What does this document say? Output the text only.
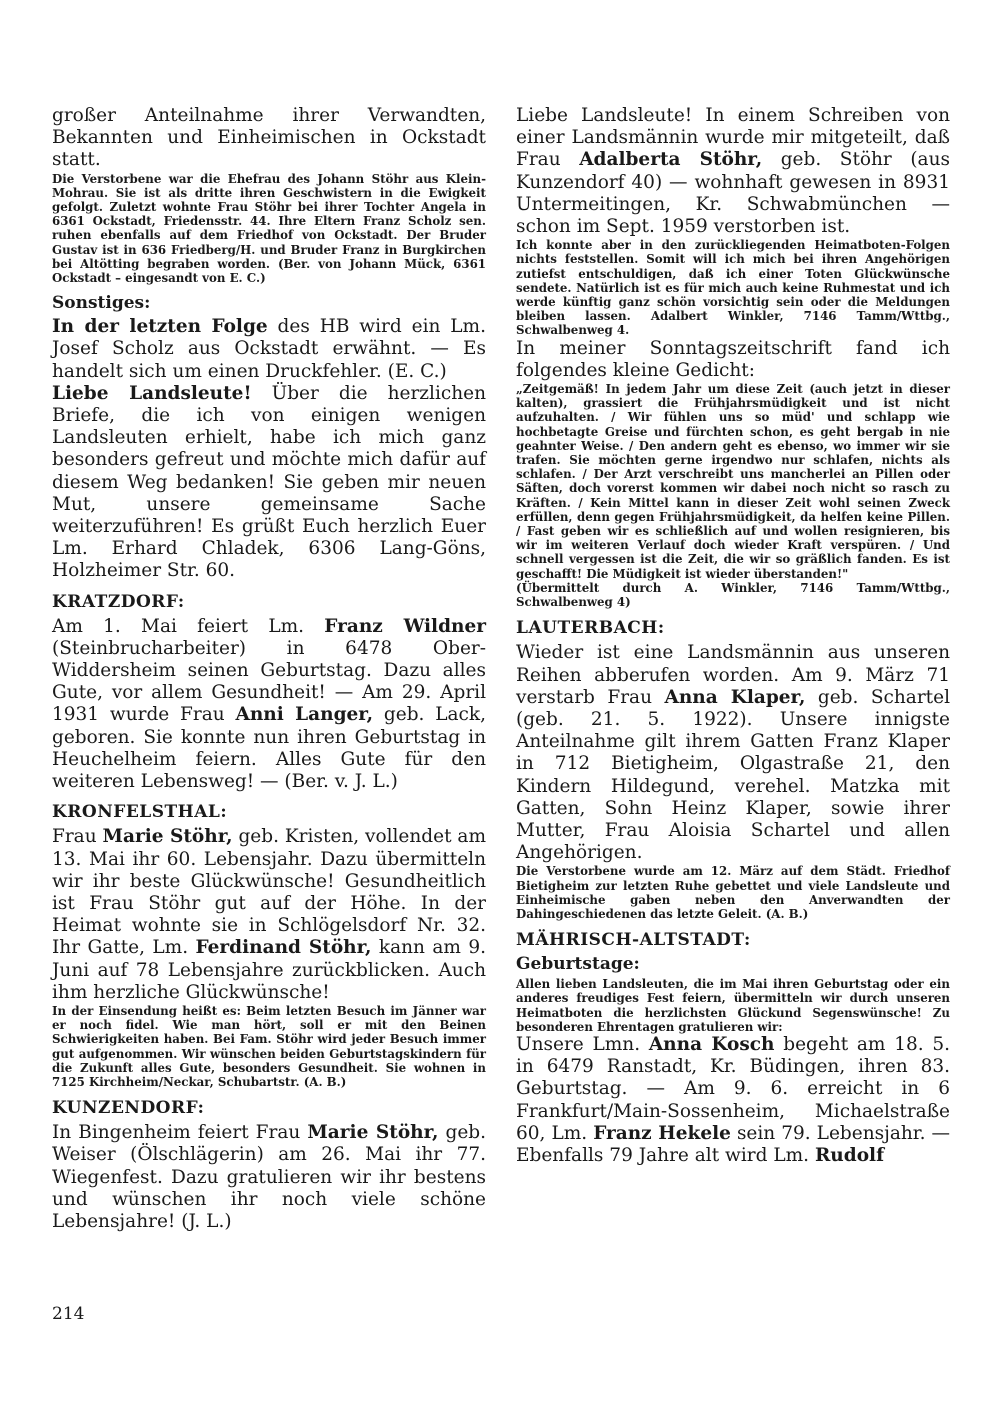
großer Anteilnahme ihrer Verwandten, Bekannten und Einheimischen in Ockstadt statt.

Die Verstorbene war die Ehefrau des Johann Stöhr aus Klein-Mohrau. Sie ist als dritte ihren Geschwistern in die Ewigkeit gefolgt. Zuletzt wohnte Frau Stöhr bei ihrer Tochter Angela in 6361 Ockstadt, Friedensstr. 44. Ihre Eltern Franz Scholz sen. ruhen ebenfalls auf dem Friedhof von Ockstadt. Der Bruder Gustav ist in 636 Friedberg/H. und Bruder Franz in Burgkirchen bei Altötting begraben worden. (Ber. von Johann Mück, 6361 Ockstadt – eingesandt von E. C.)

Sonstiges:

In der letzten Folge des HB wird ein Lm. Josef Scholz aus Ockstadt erwähnt. — Es handelt sich um einen Druckfehler. (E. C.)

Liebe Landsleute! Über die herzlichen Briefe, die ich von einigen wenigen Landsleuten erhielt, habe ich mich ganz besonders gefreut und möchte mich dafür auf diesem Weg bedanken! Sie geben mir neuen Mut, unsere gemeinsame Sache weiterzuführen! Es grüßt Euch herzlich Euer Lm. Erhard Chladek, 6306 Lang-Göns, Holzheimer Str. 60.

KRATZDORF:

Am 1. Mai feiert Lm. Franz Wildner (Steinbrucharbeiter) in 6478 Ober-Widdersheim seinen Geburtstag. Dazu alles Gute, vor allem Gesundheit! — Am 29. April 1931 wurde Frau Anni Langer, geb. Lack, geboren. Sie konnte nun ihren Geburtstag in Heuchelheim feiern. Alles Gute für den weiteren Lebensweg! — (Ber. v. J. L.)

KRONFELSTHAL:

Frau Marie Stöhr, geb. Kristen, vollendet am 13. Mai ihr 60. Lebensjahr. Dazu übermitteln wir ihr beste Glückwünsche! Gesundheitlich ist Frau Stöhr gut auf der Höhe. In der Heimat wohnte sie in Schlögelsdorf Nr. 32. Ihr Gatte, Lm. Ferdinand Stöhr, kann am 9. Juni auf 78 Lebensjahre zurückblicken. Auch ihm herzliche Glückwünsche!

In der Einsendung heißt es: Beim letzten Besuch im Jänner war er noch fidel. Wie man hört, soll er mit den Beinen Schwierigkeiten haben. Bei Fam. Stöhr wird jeder Besuch immer gut aufgenommen. Wir wünschen beiden Geburtstagskindern für die Zukunft alles Gute, besonders Gesundheit. Sie wohnen in 7125 Kirchheim/Neckar, Schubartstr. (A. B.)

KUNZENDORF:

In Bingenheim feiert Frau Marie Stöhr, geb. Weiser (Ölschlägerin) am 26. Mai ihr 77. Wiegenfest. Dazu gratulieren wir ihr bestens und wünschen ihr noch viele schöne Lebensjahre! (J. L.)

Liebe Landsleute! In einem Schreiben von einer Landsmännin wurde mir mitgeteilt, daß Frau Adalberta Stöhr, geb. Stöhr (aus Kunzendorf 40) — wohnhaft gewesen in 8931 Untermeitingen, Kr. Schwabmünchen — schon im Sept. 1959 verstorben ist.

Ich konnte aber in den zurückliegenden Heimatboten-Folgen nichts feststellen. Somit will ich mich bei ihren Angehörigen zutiefst entschuldigen, daß ich einer Toten Glückwünsche sendete. Natürlich ist es für mich auch keine Ruhmestat und ich werde künftig ganz schön vorsichtig sein oder die Meldungen bleiben lassen. Adalbert Winkler, 7146 Tamm/Wttbg., Schwalbenweg 4.

In meiner Sonntagszeitschrift fand ich folgendes kleine Gedicht:

„Zeitgemäß! In jedem Jahr um diese Zeit (auch jetzt in dieser kalten), grassiert die Frühjahrsmüdigkeit und ist nicht aufzuhalten. / Wir fühlen uns so müd' und schlapp wie hochbetagte Greise und fürchten schon, es geht bergab in nie geahnter Weise. / Den andern geht es ebenso, wo immer wir sie trafen. Sie möchten gerne irgendwo nur schlafen, nichts als schlafen. / Der Arzt verschreibt uns mancherlei an Pillen oder Säften, doch vorerst kommen wir dabei noch nicht so rasch zu Kräften. / Kein Mittel kann in dieser Zeit wohl seinen Zweck erfüllen, denn gegen Frühjahrsmüdigkeit, da helfen keine Pillen. / Fast geben wir es schließlich auf und wollen resignieren, bis wir im weiteren Verlauf doch wieder Kraft verspüren. / Und schnell vergessen ist die Zeit, die wir so gräßlich fanden. Es ist geschafft! Die Müdigkeit ist wieder überstanden!"

(Übermittelt durch A. Winkler, 7146 Tamm/Wttbg., Schwalbenweg 4)

LAUTERBACH:

Wieder ist eine Landsmännin aus unseren Reihen abberufen worden. Am 9. März 71 verstarb Frau Anna Klaper, geb. Schartel (geb. 21. 5. 1922). Unsere innigste Anteilnahme gilt ihrem Gatten Franz Klaper in 712 Bietigheim, Olgastraße 21, den Kindern Hildegund, verehel. Matzka mit Gatten, Sohn Heinz Klaper, sowie ihrer Mutter, Frau Aloisia Schartel und allen Angehörigen.

Die Verstorbene wurde am 12. März auf dem Städt. Friedhof Bietigheim zur letzten Ruhe gebettet und viele Landsleute und Einheimische gaben neben den Anverwandten der Dahingeschiedenen das letzte Geleit. (A. B.)

MÄHRISCH-ALTSTADT:
Geburtstage:

Allen lieben Landsleuten, die im Mai ihren Geburtstag oder ein anderes freudiges Fest feiern, übermitteln wir durch unseren Heimatboten die herzlichsten Glückund Segenswünsche! Zu besonderen Ehrentagen gratulieren wir:

Unsere Lmn. Anna Kosch begeht am 18. 5. in 6479 Ranstadt, Kr. Büdingen, ihren 83. Geburtstag. — Am 9. 6. erreicht in 6 Frankfurt/Main-Sossenheim, Michaelstraße 60, Lm. Franz Hekele sein 79. Lebensjahr. — Ebenfalls 79 Jahre alt wird Lm. Rudolf

214
